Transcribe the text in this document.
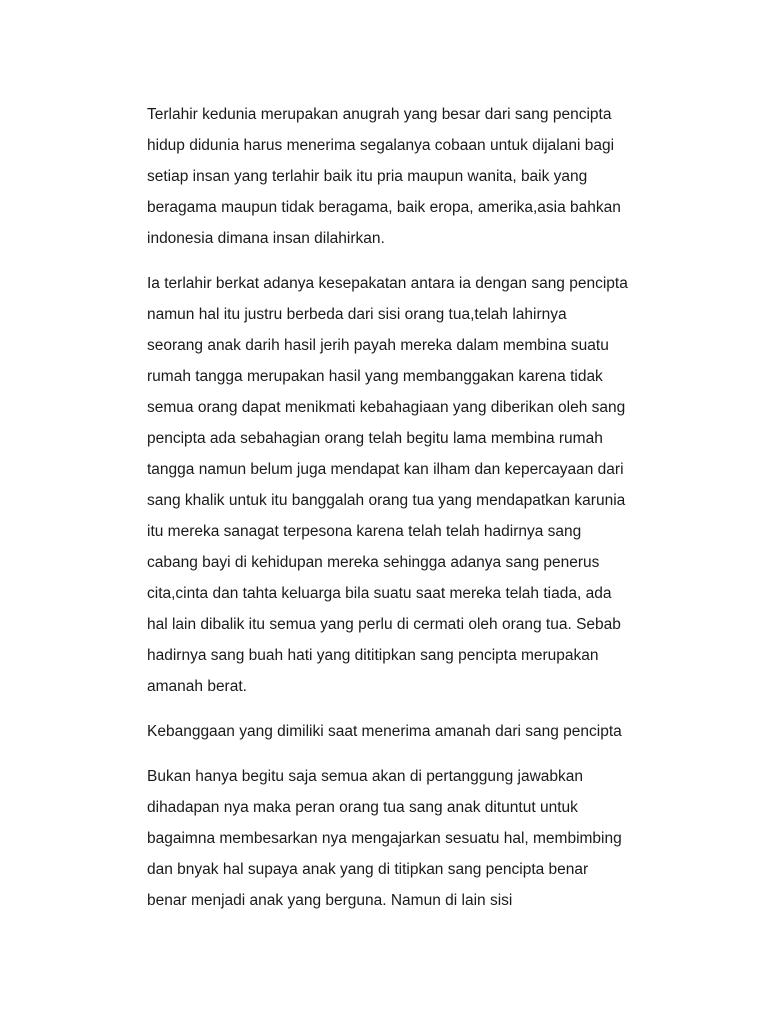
Terlahir kedunia merupakan anugrah yang besar dari sang pencipta
hidup didunia harus menerima segalanya cobaan untuk dijalani bagi
setiap insan yang terlahir baik itu pria maupun wanita, baik yang
beragama maupun tidak beragama, baik eropa, amerika,asia bahkan
indonesia dimana insan dilahirkan.
Ia terlahir berkat adanya kesepakatan antara ia dengan sang pencipta
namun hal itu justru berbeda dari sisi orang tua,telah lahirnya
seorang anak darih hasil jerih payah mereka dalam membina suatu
rumah tangga merupakan hasil yang membanggakan karena tidak
semua orang dapat menikmati kebahagiaan yang diberikan oleh sang
pencipta ada sebahagian orang telah begitu lama membina rumah
tangga namun belum juga mendapat kan ilham dan kepercayaan dari
sang khalik untuk itu banggalah orang tua yang mendapatkan karunia
itu mereka sanagat terpesona karena telah telah hadirnya sang
cabang bayi di kehidupan mereka sehingga adanya sang penerus
cita,cinta dan tahta keluarga bila suatu saat mereka telah tiada, ada
hal lain dibalik itu semua yang perlu di cermati oleh orang tua. Sebab
hadirnya sang buah hati yang dititipkan sang pencipta merupakan
amanah berat.
Kebanggaan yang dimiliki saat menerima amanah dari sang pencipta
Bukan hanya begitu saja semua akan di pertanggung jawabkan
dihadapan nya maka peran orang tua sang anak dituntut untuk
bagaimna membesarkan nya mengajarkan sesuatu hal, membimbing
dan bnyak hal supaya anak yang di titipkan sang pencipta benar
benar menjadi anak yang berguna. Namun di lain sisi
